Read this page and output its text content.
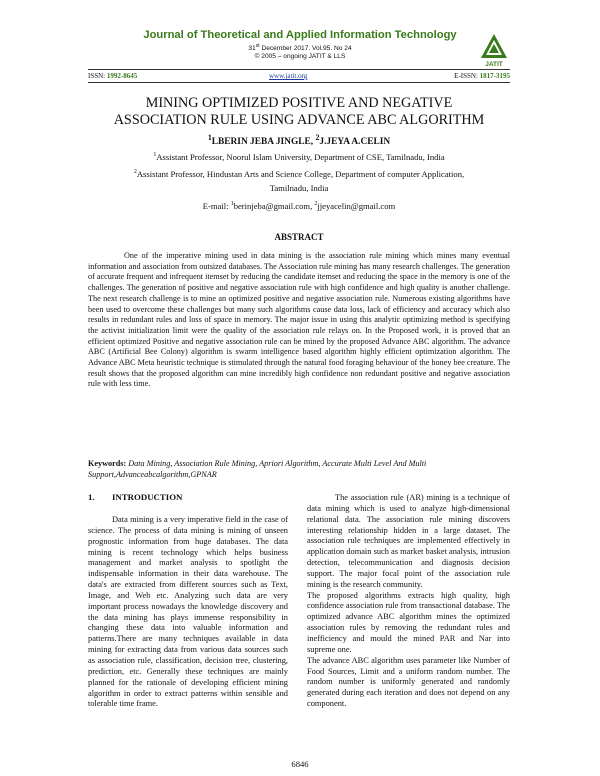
Journal of Theoretical and Applied Information Technology
31st December 2017. Vol.95. No 24
© 2005 – ongoing JATIT & LLS
JATIT
ISSN: 1992-8645	www.jatit.org	E-ISSN: 1817-3195
MINING OPTIMIZED POSITIVE AND NEGATIVE
ASSOCIATION RULE USING ADVANCE ABC ALGORITHM
$^1$LBERIN JEBA JINGLE, $^2$J.JEYA A.CELIN
$^1$Assistant Professor, Noorul Islam University, Department of CSE, Tamilnadu, India
$^2$Assistant Professor, Hindustan Arts and Science College, Department of computer Application,
Tamilnadu, India
E-mail: $^1$berinjeba@gmail.com, $^2$jjeyacelin@gmail.com
ABSTRACT
One of the imperative mining used in data mining is the association rule mining which mines many eventual information and association from outsized databases. The Association rule mining has many research challenges. The generation of accurate frequent and infrequent itemset by reducing the candidate itemset and reducing the space in the memory is one of the challenges. The generation of positive and negative association rule with high confidence and high quality is another challenge. The next research challenge is to mine an optimized positive and negative association rule. Numerous existing algorithms have been used to overcome these challenges but many such algorithms cause data loss, lack of efficiency and accuracy which also results in redundant rules and loss of space in memory. The major issue in using this analytic optimizing method is specifying the activist initialization limit were the quality of the association rule relays on. In the Proposed work, it is proved that an efficient optimized Positive and negative association rule can be mined by the proposed Advance ABC algorithm. The advance ABC (Artificial Bee Colony) algorithm is swarm intelligence based algorithm highly efficient optimization algorithm. The Advance ABC Meta heuristic technique is stimulated through the natural food foraging behaviour of the honey bee creature. The result shows that the proposed algorithm can mine incredibly high confidence non redundant positive and negative association rule with less time.
Keywords: Data Mining, Association Rule Mining, Apriori Algorithm, Accurate Multi Level And Multi Support,Advanceabcalgorithm,GPNAR
1. INTRODUCTION
Data mining is a very imperative field in the case of science. The process of data mining is mining of unseen prognostic information from huge databases. The data mining is recent technology which helps business management and market analysis to spotlight the indispensable information in their data warehouse. The data's are extracted from different sources such as Text, Image, and Web etc. Analyzing such data are very important process nowadays the knowledge discovery and the data mining has plays immense responsibility in changing these data into valuable information and patterns.There are many techniques available in data mining for extracting data from various data sources such as association rule, classification, decision tree, clustering, prediction, etc. Generally these techniques are mainly planned for the rationale of developing efficient mining algorithm in order to extract patterns within sensible and tolerable time frame.

The association rule (AR) mining is a technique of data mining which is used to analyze high-dimensional relational data. The association rule mining discovers interesting relationship hidden in a large dataset. The association rule techniques are implemented effectively in application domain such as market basket analysis, intrusion detection, telecommunication and diagnosis decision support. The major focal point of the association rule mining is the research community.

The proposed algorithms extracts high quality, high confidence association rule from transactional database. The optimized advance ABC algorithm mines the optimized association rules by removing the redundant rules and inefficiency and mould the mined PAR and Nar into supreme one.

The advance ABC algorithm uses parameter like Number of Food Sources, Limit and a uniform random number. The random number is uniformly generated and randomly generated during each iteration and does not depend on any component.

6846
